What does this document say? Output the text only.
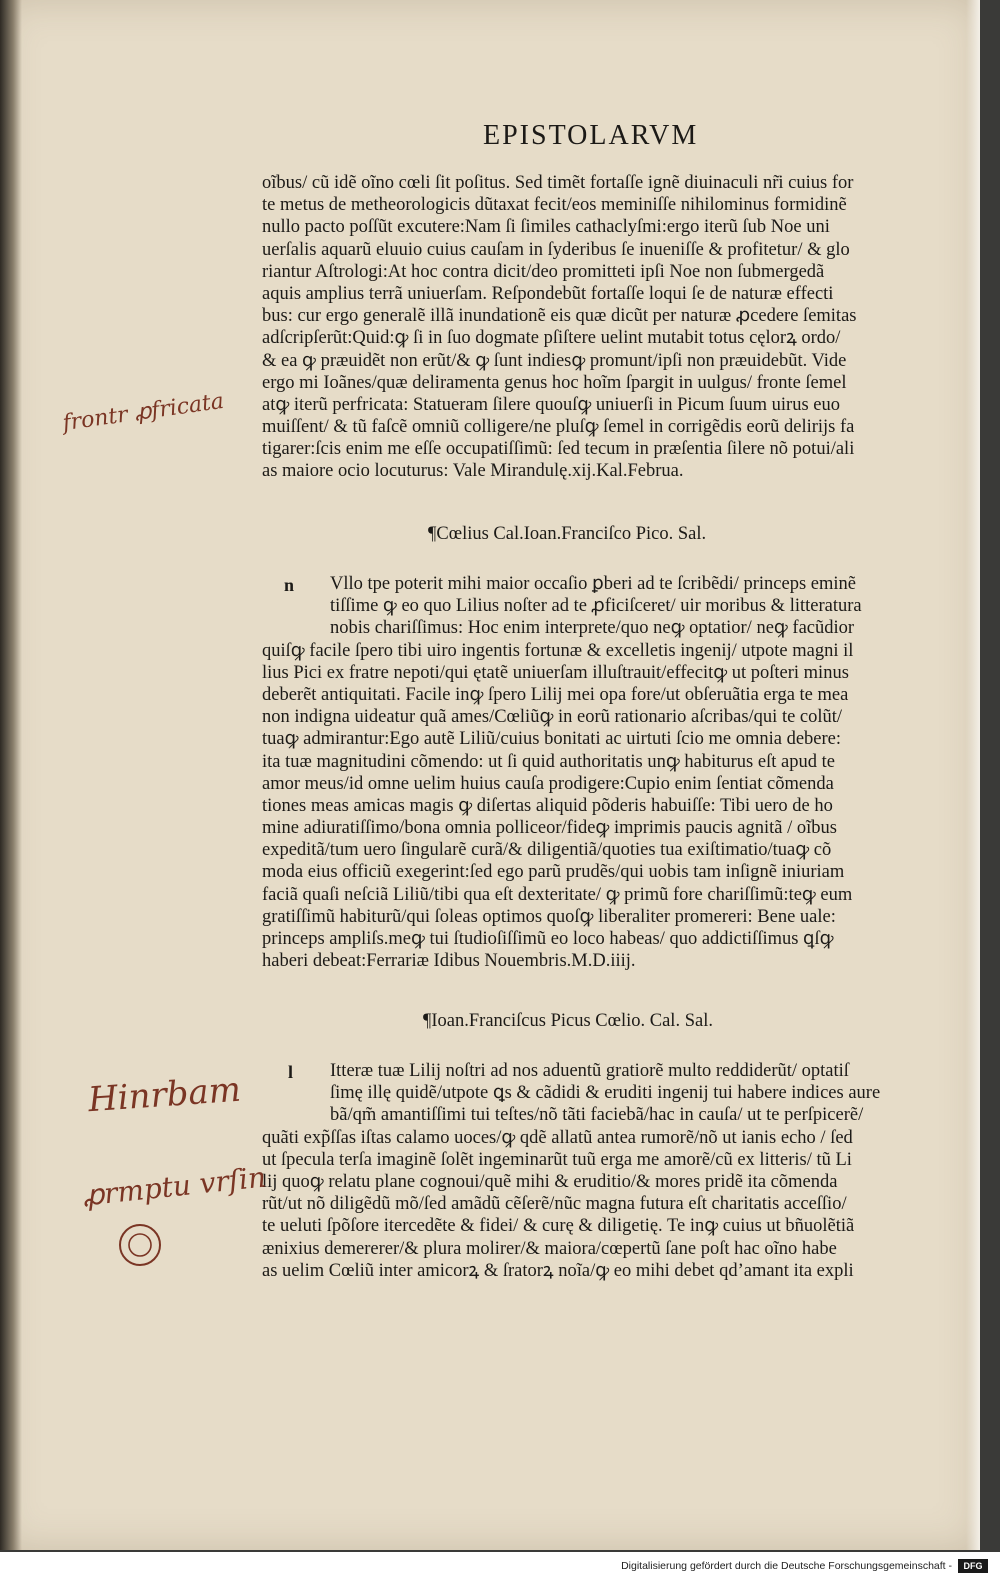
EPISTOLARVM
oĩbus/ cũ idẽ oĩno cœli ſit poſitus. Sed timẽt fortaſſe ignẽ diuinaculi nr̃i cuius for
te metus de metheorologicis dũtaxat fecit/eos meminiſſe nihilominus formidinẽ
nullo pacto poſſũt excutere:Nam ſi ſimiles cathaclyſmi:ergo iterũ ſub Noe uni
uerſalis aquarũ eluuio cuius cauſam in ſyderibus ſe inueniſſe & profitetur/ & glo
riantur Aſtrologi:At hoc contra dicit/deo promitteti ipſi Noe non ſubmergedã
aquis amplius terrã uniuerſam. Reſpondebũt fortaſſe loqui ſe de naturæ effecti
bus: cur ergo generalẽ illã inundationẽ eis quæ dicũt per naturæ ꝓcedere ſemitas
adſcripſerũt:Quid:ꝙ ſi in ſuo dogmate pſiſtere uelint mutabit totus cęlorꝝ ordo/
& ea ꝙ præuidẽt non erũt/& ꝙ ſunt indiesꝙ promunt/ipſi non præuidebũt. Vide
ergo mi Ioãnes/quæ deliramenta genus hoc hoĩm ſpargit in uulgus/ fronte ſemel
atꝙ iterũ perfricata: Statueram ſilere quouſꝙ uniuerſi in Picum ſuum uirus euo
muiſſent/ & tũ faſcẽ omniũ colligere/ne pluſꝙ ſemel in corrigẽdis eorũ delirijs fa
tigarer:ſcis enim me eſſe occupatiſſimũ: ſed tecum in præſentia ſilere nõ potui/ali
as maiore ocio locuturus: Vale Mirandulę.xij.Kal.Februa.
¶Cœlius Cal.Ioan.Franciſco Pico. Sal.
n	Vllo tpe poterit mihi maior occaſio ꝑberi ad te ſcribẽdi/ princeps eminẽ
tiſſime ꝙ eo quo Lilius noſter ad te ꝓficiſceret/ uir moribus & litteratura
nobis chariſſimus: Hoc enim interprete/quo neꝙ optatior/ neꝙ facũdior
quiſꝙ facile ſpero tibi uiro ingentis fortunæ & excelletis ingenij/ utpote magni il
lius Pici ex fratre nepoti/qui ętatẽ uniuerſam illuſtrauit/effecitꝙ ut poſteri minus
deberẽt antiquitati. Facile inꝙ ſpero Lilij mei opa fore/ut obſeruãtia erga te mea
non indigna uideatur quã ames/Cœliũꝙ in eorũ rationario aſcribas/qui te colũt/
tuaꝙ admirantur:Ego autẽ Liliũ/cuius bonitati ac uirtuti ſcio me omnia debere:
ita tuæ magnitudini cõmendo: ut ſi quid authoritatis unꝙ habiturus eſt apud te
amor meus/id omne uelim huius cauſa prodigere:Cupio enim ſentiat cõmenda
tiones meas amicas magis ꝙ diſertas aliquid põderis habuiſſe: Tibi uero de ho
mine adiuratiſſimo/bona omnia polliceor/fideꝙ imprimis paucis agnitã / oĩbus
expeditã/tum uero ſingularẽ curã/& diligentiã/quoties tua exiſtimatio/tuaꝙ cõ
moda eius officiũ exegerint:ſed ego parũ prudẽs/qui uobis tam inſignẽ iniuriam
faciã quaſi neſciã Liliũ/tibi qua eſt dexteritate/ ꝙ primũ fore chariſſimũ:teꝙ eum
gratiſſimũ habiturũ/qui ſoleas optimos quoſꝙ liberaliter promereri: Bene uale:
princeps ampliſs.meꝙ tui ſtudioſiſſimũ eo loco habeas/ quo addictiſſimus ꝗſꝙ
haberi debeat:Ferrariæ Idibus Nouembris.M.D.iiij.
¶Ioan.Franciſcus Picus Cœlio. Cal. Sal.
l	Itteræ tuæ Lilij noſtri ad nos aduentũ gratiorẽ multo reddiderũt/ optatiſ
ſimę illę quidẽ/utpote ꝗs & cãdidi & eruditi ingenij tui habere indices aure
bã/qm̃ amantiſſimi tui teſtes/nõ tãti faciebã/hac in cauſa/ ut te perſpicerẽ/
quãti exp̃ſſas iſtas calamo uoces/ꝙ qdẽ allatũ antea rumorẽ/nõ ut ianis echo / ſed
ut ſpecula terſa imaginẽ ſolẽt ingeminarũt tuũ erga me amorẽ/cũ ex litteris/ tũ Li
lij quoꝙ relatu plane cognoui/quẽ mihi & eruditio/& mores pridẽ ita cõmenda
rũt/ut nõ diligẽdũ mõ/ſed amãdũ cẽſerẽ/nũc magna futura eſt charitatis acceſſio/
te ueluti ſpõſore itercedẽte & fidei/ & curę & diligetię. Te inꝙ cuius ut bñuolẽtiã
ænixius demererer/& plura molirer/& maiora/cœpertũ ſane poſt hac oĩno habe
as uelim Cœliũ inter amicorꝝ & ſratorꝝ noĩa/ꝙ eo mihi debet qd’amant ita expli
frontr ꝓfricata
Hinrbam
ꝓrmptu vrſin
Digitalisierung gefördert durch die Deutsche Forschungsgemeinschaft -	DFG
